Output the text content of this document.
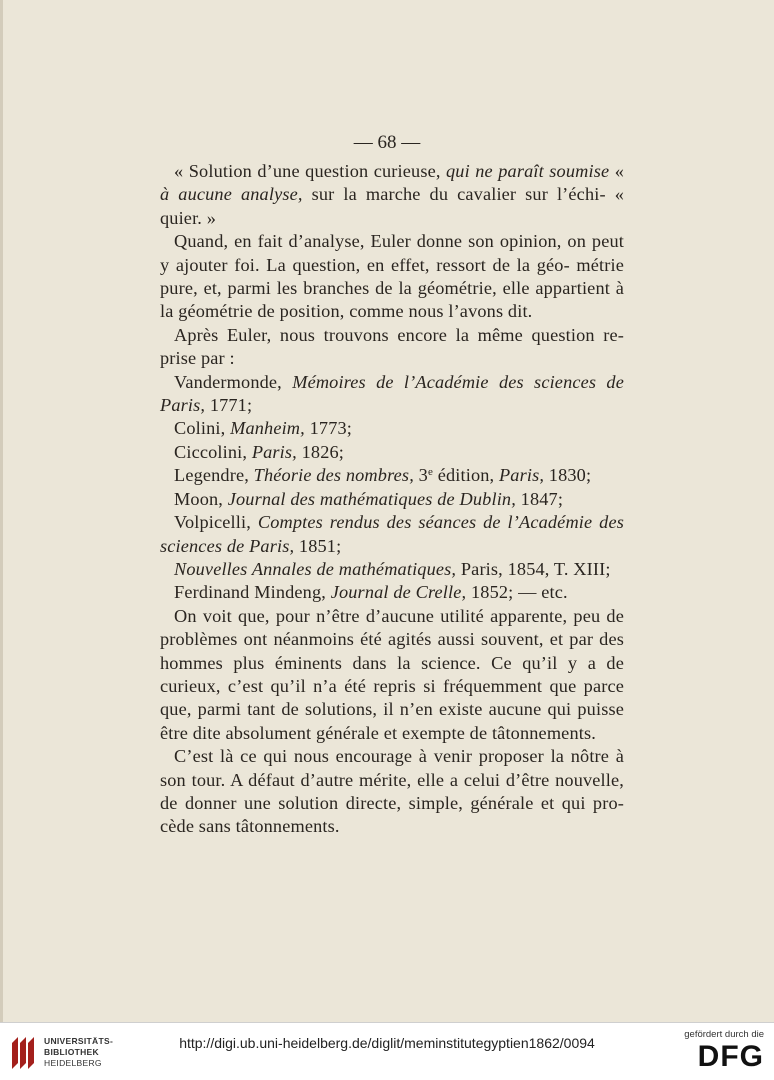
— 68 —

« Solution d’une question curieuse, qui ne paraît soumise « à aucune analyse, sur la marche du cavalier sur l’échi- « quier. »

Quand, en fait d’analyse, Euler donne son opinion, on peut y ajouter foi. La question, en effet, ressort de la géo- métrie pure, et, parmi les branches de la géométrie, elle appartient à la géométrie de position, comme nous l’avons dit.

Après Euler, nous trouvons encore la même question re- prise par :

Vandermonde, Mémoires de l’Académie des sciences de Paris, 1771;

Colini, Manheim, 1773;

Ciccolini, Paris, 1826;

Legendre, Théorie des nombres, 3e édition, Paris, 1830;

Moon, Journal des mathématiques de Dublin, 1847;

Volpicelli, Comptes rendus des séances de l’Académie des sciences de Paris, 1851;

Nouvelles Annales de mathématiques, Paris, 1854, T. XIII;

Ferdinand Mindeng, Journal de Crelle, 1852; — etc.

On voit que, pour n’être d’aucune utilité apparente, peu de problèmes ont néanmoins été agités aussi souvent, et par des hommes plus éminents dans la science. Ce qu’il y a de curieux, c’est qu’il n’a été repris si fréquemment que parce que, parmi tant de solutions, il n’en existe aucune qui puisse être dite absolument générale et exempte de tâtonnements.

C’est là ce qui nous encourage à venir proposer la nôtre à son tour. A défaut d’autre mérite, elle a celui d’être nouvelle, de donner une solution directe, simple, générale et qui pro- cède sans tâtonnements.

UNIVERSITÄTS-
BIBLIOTHEK
HEIDELBERG
http://digi.ub.uni-heidelberg.de/diglit/meminstitutegyptien1862/0094
gefördert durch die
DFG
